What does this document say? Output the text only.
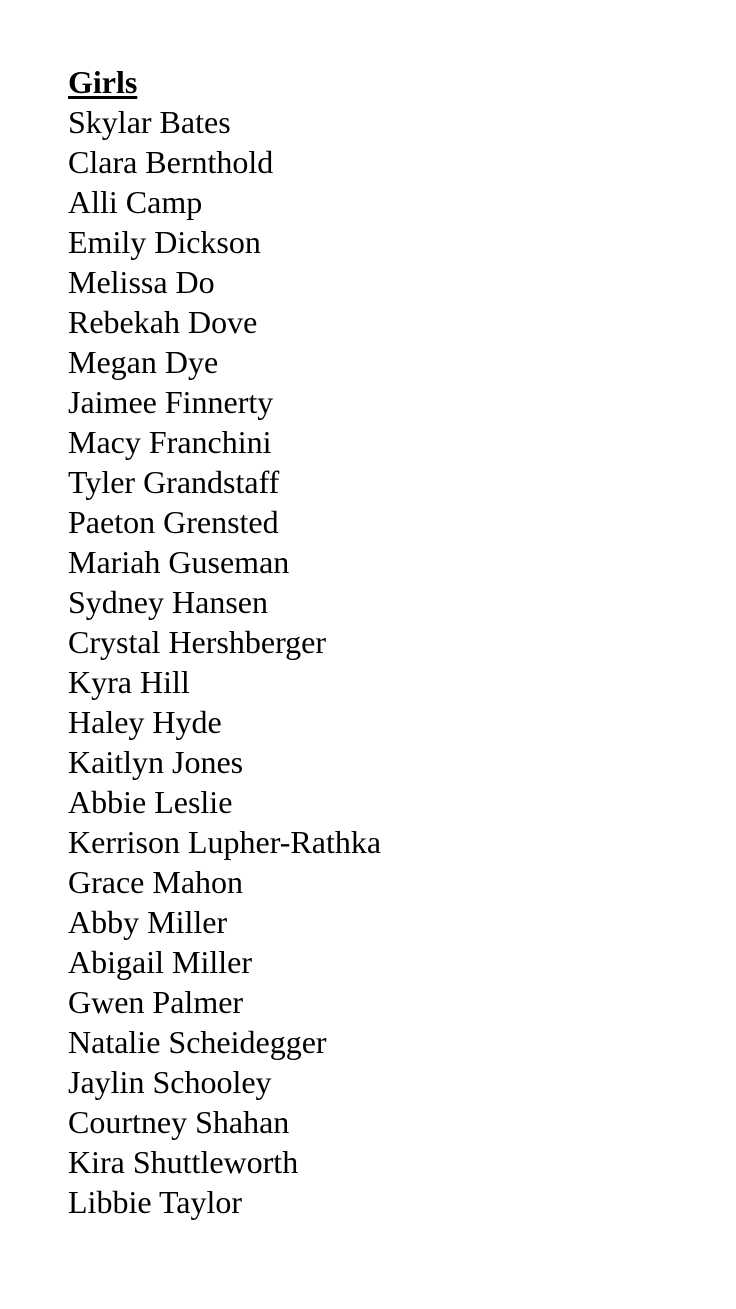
Girls
Skylar Bates
Clara Bernthold
Alli Camp
Emily Dickson
Melissa Do
Rebekah Dove
Megan Dye
Jaimee Finnerty
Macy Franchini
Tyler Grandstaff
Paeton Grensted
Mariah Guseman
Sydney Hansen
Crystal Hershberger
Kyra Hill
Haley Hyde
Kaitlyn Jones
Abbie Leslie
Kerrison Lupher-Rathka
Grace Mahon
Abby Miller
Abigail Miller
Gwen Palmer
Natalie Scheidegger
Jaylin Schooley
Courtney Shahan
Kira Shuttleworth
Libbie Taylor
